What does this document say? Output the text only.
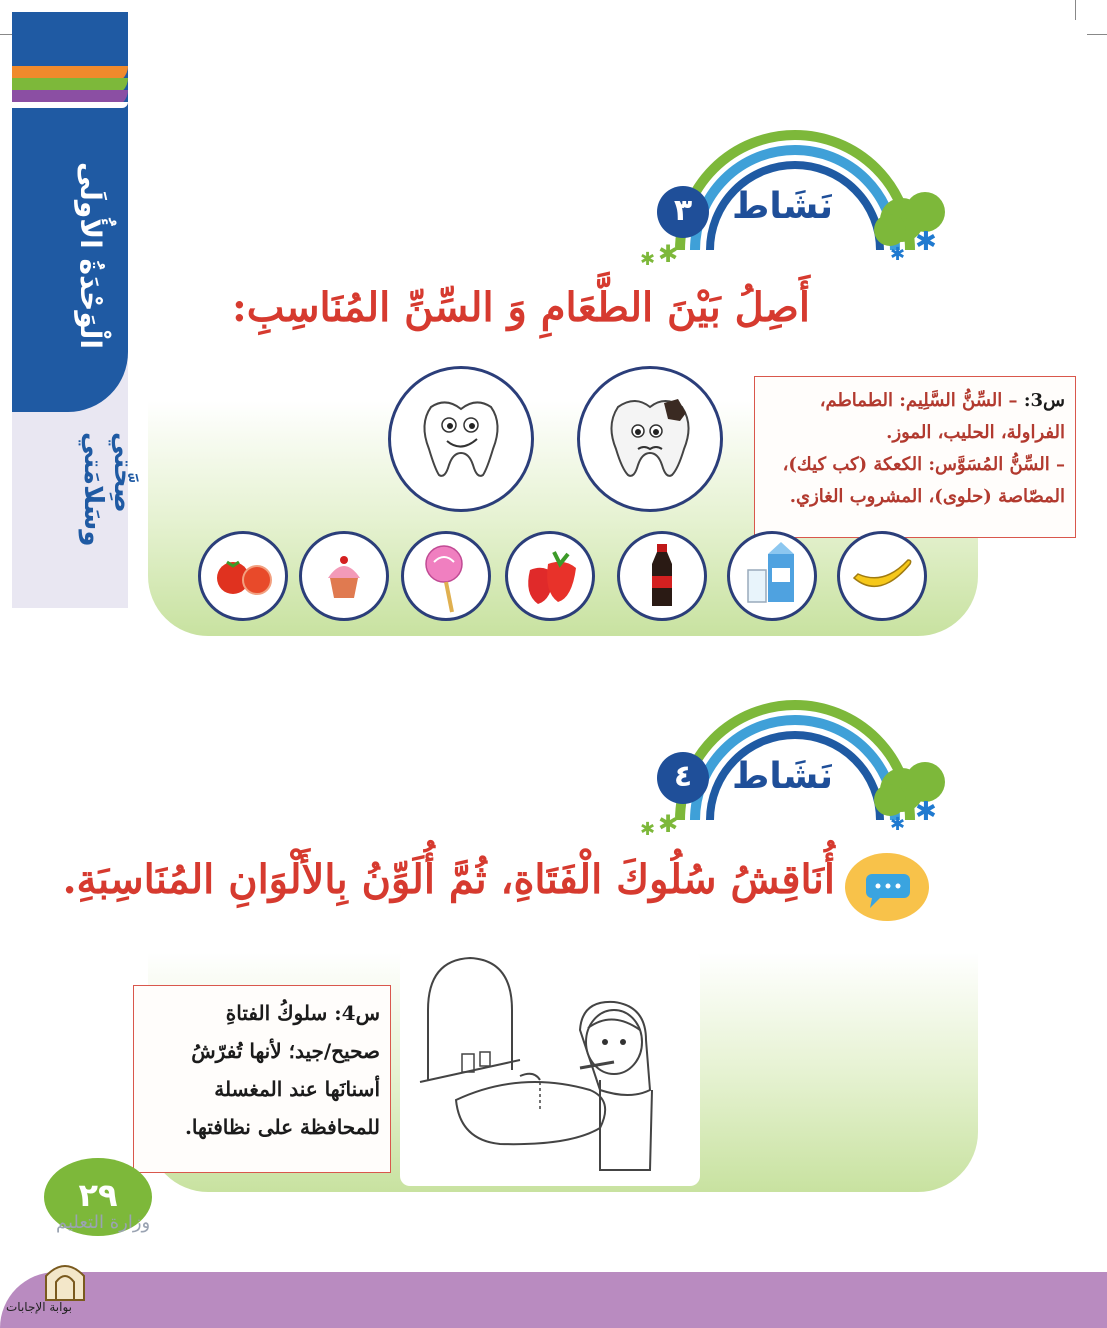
الْوَحْدَةُ الأُولَى
صِحَّتي وسَلامَتي
✱
✱
✱ ✱
نَشَاط
٣
أَصِلُ بَيْنَ الطَّعَامِ وَ السِّنِّ المُنَاسِبِ:
س3: – السِّنُّ السَّلِيم: الطماطم،
الفراولة، الحليب، الموز.
– السِّنُّ المُسَوَّس: الكعكة (كب كيك)،
المصّاصة (حلوى)، المشروب الغازي.
✱
✱
✱ ✱
نَشَاط
٤
أُنَاقِشُ سُلُوكَ الْفَتَاةِ، ثُمَّ أُلَوِّنُ بِالأَلْوَانِ المُنَاسِبَةِ.
س4: سلوكُ الفتاةِ
صحيح/جيد؛ لأنها تُفرّشُ
أسنانَها عند المغسلة
للمحافظة على نظافتها.
٢٩
وزارة التعليم
بوابة الإجابات
